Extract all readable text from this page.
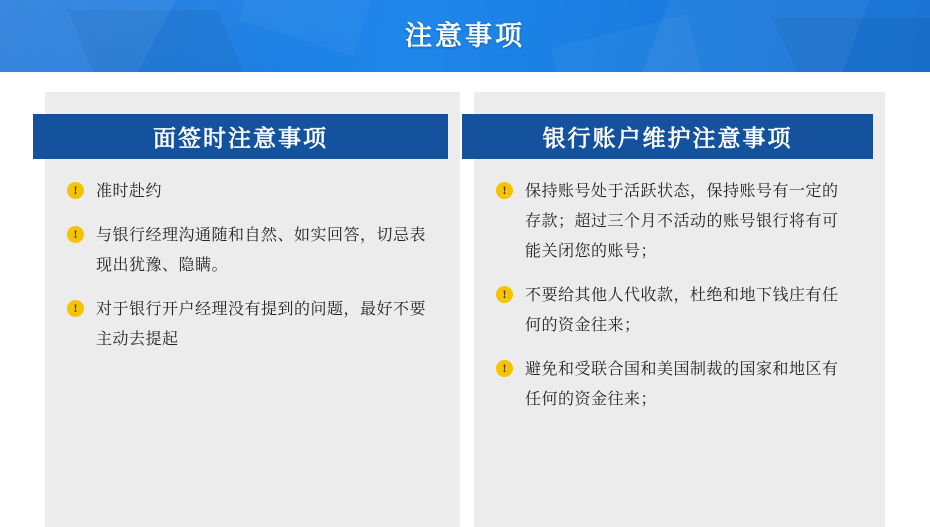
注意事项
面签时注意事项
!	准时赴约
!	与银行经理沟通随和自然、如实回答，切忌表现出犹豫、隐瞒。
!	对于银行开户经理没有提到的问题，最好不要主动去提起
银行账户维护注意事项
!	保持账号处于活跃状态，保持账号有一定的存款；超过三个月不活动的账号银行将有可能关闭您的账号；
!	不要给其他人代收款，杜绝和地下钱庄有任何的资金往来；
!	避免和受联合国和美国制裁的国家和地区有任何的资金往来；
